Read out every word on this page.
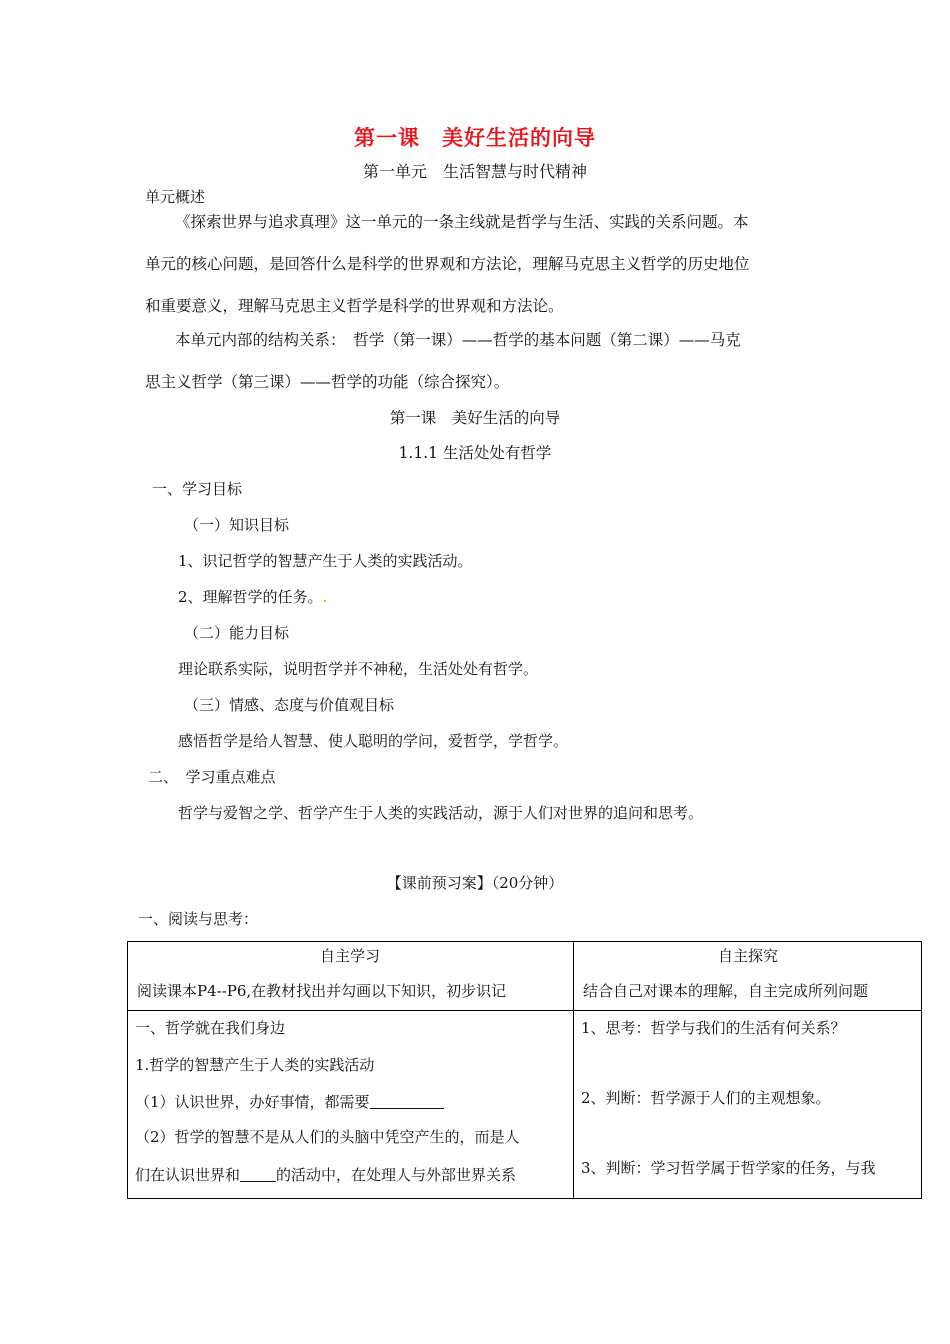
第一课　美好生活的向导
第一单元　生活智慧与时代精神
单元概述
《探索世界与追求真理》这一单元的一条主线就是哲学与生活、实践的关系问题。本
单元的核心问题，是回答什么是科学的世界观和方法论，理解马克思主义哲学的历史地位
和重要意义，理解马克思主义哲学是科学的世界观和方法论。
本单元内部的结构关系：　哲学（第一课）——哲学的基本问题（第二课）——马克
思主义哲学（第三课）——哲学的功能（综合探究）。
第一课　美好生活的向导
1.1.1 生活处处有哲学
一、学习目标
（一）知识目标
1、识记哲学的智慧产生于人类的实践活动。
2、理解哲学的任务。.
（二）能力目标
理论联系实际，说明哲学并不神秘，生活处处有哲学。
（三）情感、态度与价值观目标
感悟哲学是给人智慧、使人聪明的学问，爱哲学，学哲学。
二、　学习重点难点
哲学与爱智之学、哲学产生于人类的实践活动，源于人们对世界的追问和思考。
【课前预习案】（20分钟）
一、阅读与思考：
自主学习
阅读课本P4--P6,在教材找出并勾画以下知识，初步识记
自主探究
结合自己对课本的理解，自主完成所列问题
一、哲学就在我们身边
1.哲学的智慧产生于人类的实践活动
（1）认识世界，办好事情，都需要
（2）哲学的智慧不是从人们的头脑中凭空产生的，而是人
们在认识世界和 的活动中，在处理人与外部世界关系
1、思考：哲学与我们的生活有何关系？
2、判断：哲学源于人们的主观想象。
3、判断：学习哲学属于哲学家的任务，与我
